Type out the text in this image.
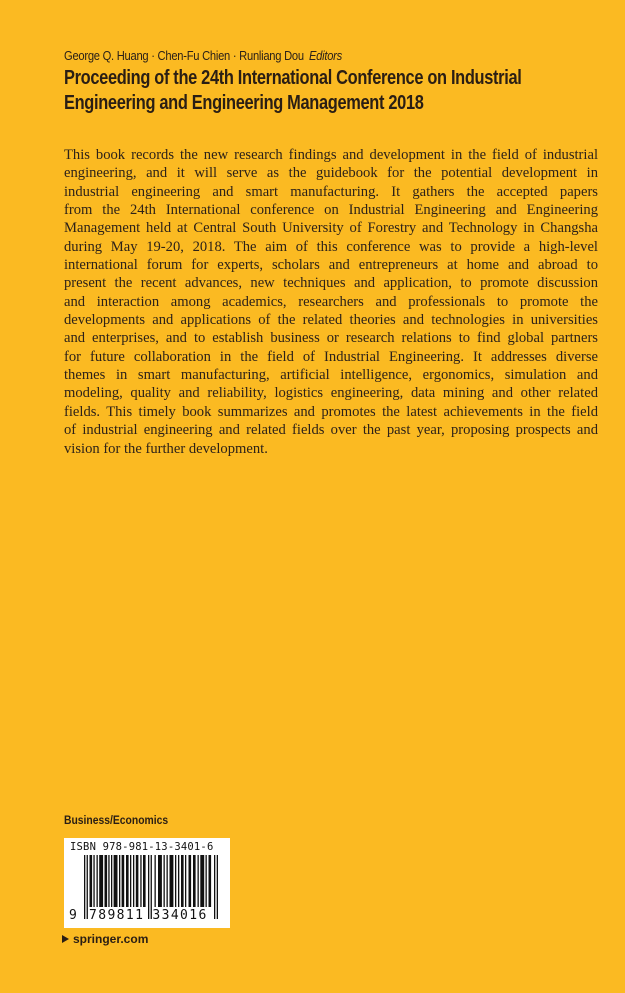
George Q. Huang · Chen-Fu Chien · Runliang Dou Editors
Proceeding of the 24th International Conference on Industrial
Engineering and Engineering Management 2018
This book records the new research findings and development in the field of industrial
engineering, and it will serve as the guidebook for the potential development in
industrial engineering and smart manufacturing. It gathers the accepted papers
from the 24th International conference on Industrial Engineering and Engineering
Management held at Central South University of Forestry and Technology in Changsha
during May 19-20, 2018. The aim of this conference was to provide a high-level
international forum for experts, scholars and entrepreneurs at home and abroad to
present the recent advances, new techniques and application, to promote discussion
and interaction among academics, researchers and professionals to promote the
developments and applications of the related theories and technologies in universities
and enterprises, and to establish business or research relations to find global partners
for future collaboration in the field of Industrial Engineering. It addresses diverse
themes in smart manufacturing, artificial intelligence, ergonomics, simulation and
modeling, quality and reliability, logistics engineering, data mining and other related
fields. This timely book summarizes and promotes the latest achievements in the field
of industrial engineering and related fields over the past year, proposing prospects and
vision for the further development.
Business/Economics
ISBN 978-981-13-3401-6
9 789811 334016
springer.com
